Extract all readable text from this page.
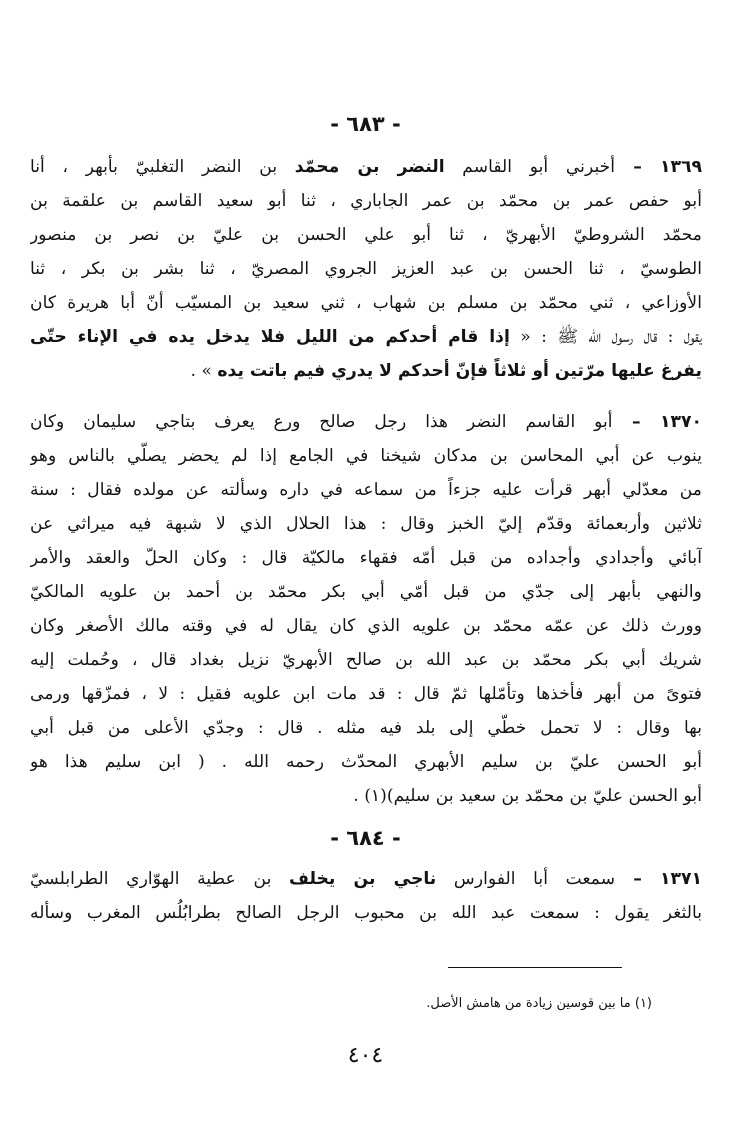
- ٦٨٣ -
١٣٦٩ – أخبرني أبو القاسم النضر بن محمّد بن النضر التغلبيّ بأبهر ، أنا
أبو حفص عمر بن محمّد بن عمر الجاباري ، ثنا أبو سعيد القاسم بن علقمة بن
محمّد الشروطيّ الأبهريّ ، ثنا أبو علي الحسن بن عليّ بن نصر بن منصور
الطوسيّ ، ثنا الحسن بن عبد العزيز الجروي المصريّ ، ثنا بشر بن بكر ، ثنا
الأوزاعي ، ثني محمّد بن مسلم بن شهاب ، ثني سعيد بن المسيّب أنّ أبا هريرة كان
يقول : قال رسول الله ﷺ : « إذا قام أحدكم من الليل فلا يدخل يده في الإناء حتّى
يفرغ عليها مرّتين أو ثلاثاً فإنّ أحدكم لا يدري فيم باتت يده » .
١٣٧٠ – أبو القاسم النضر هذا رجل صالح ورع يعرف بتاجي سليمان وكان
ينوب عن أبي المحاسن بن مدكان شيخنا في الجامع إذا لم يحضر يصلّي بالناس وهو
من معدّلي أبهر قرأت عليه جزءاً من سماعه في داره وسألته عن مولده فقال : سنة
ثلاثين وأربعمائة وقدّم إليّ الخبز وقال : هذا الحلال الذي لا شبهة فيه ميراثي عن
آبائي وأجدادي وأجداده من قبل أمّه فقهاء مالكيّة قال : وكان الحلّ والعقد والأمر
والنهي بأبهر إلى جدّي من قبل أمّي أبي بكر محمّد بن أحمد بن علويه المالكيّ
وورث ذلك عن عمّه محمّد بن علويه الذي كان يقال له في وقته مالك الأصغر وكان
شريك أبي بكر محمّد بن عبد الله بن صالح الأبهريّ نزيل بغداد قال ، وحُملت إليه
فتوىً من أبهر فأخذها وتأمّلها ثمّ قال : قد مات ابن علويه فقيل : لا ، فمزّقها ورمى
بها وقال : لا تحمل خطّي إلى بلد فيه مثله . قال : وجدّي الأعلى من قبل أبي
أبو الحسن عليّ بن سليم الأبهري المحدّث رحمه الله . ( ابن سليم هذا هو
أبو الحسن عليّ بن محمّد بن سعيد بن سليم)(١) .
- ٦٨٤ -
١٣٧١ – سمعت أبا الفوارس ناجي بن يخلف بن عطية الهوّاري الطرابلسيّ
بالثغر يقول : سمعت عبد الله بن محبوب الرجل الصالح بطرابُلُس المغرب وسأله
(١) ما بين قوسين زيادة من هامش الأصل.
٤٠٤
